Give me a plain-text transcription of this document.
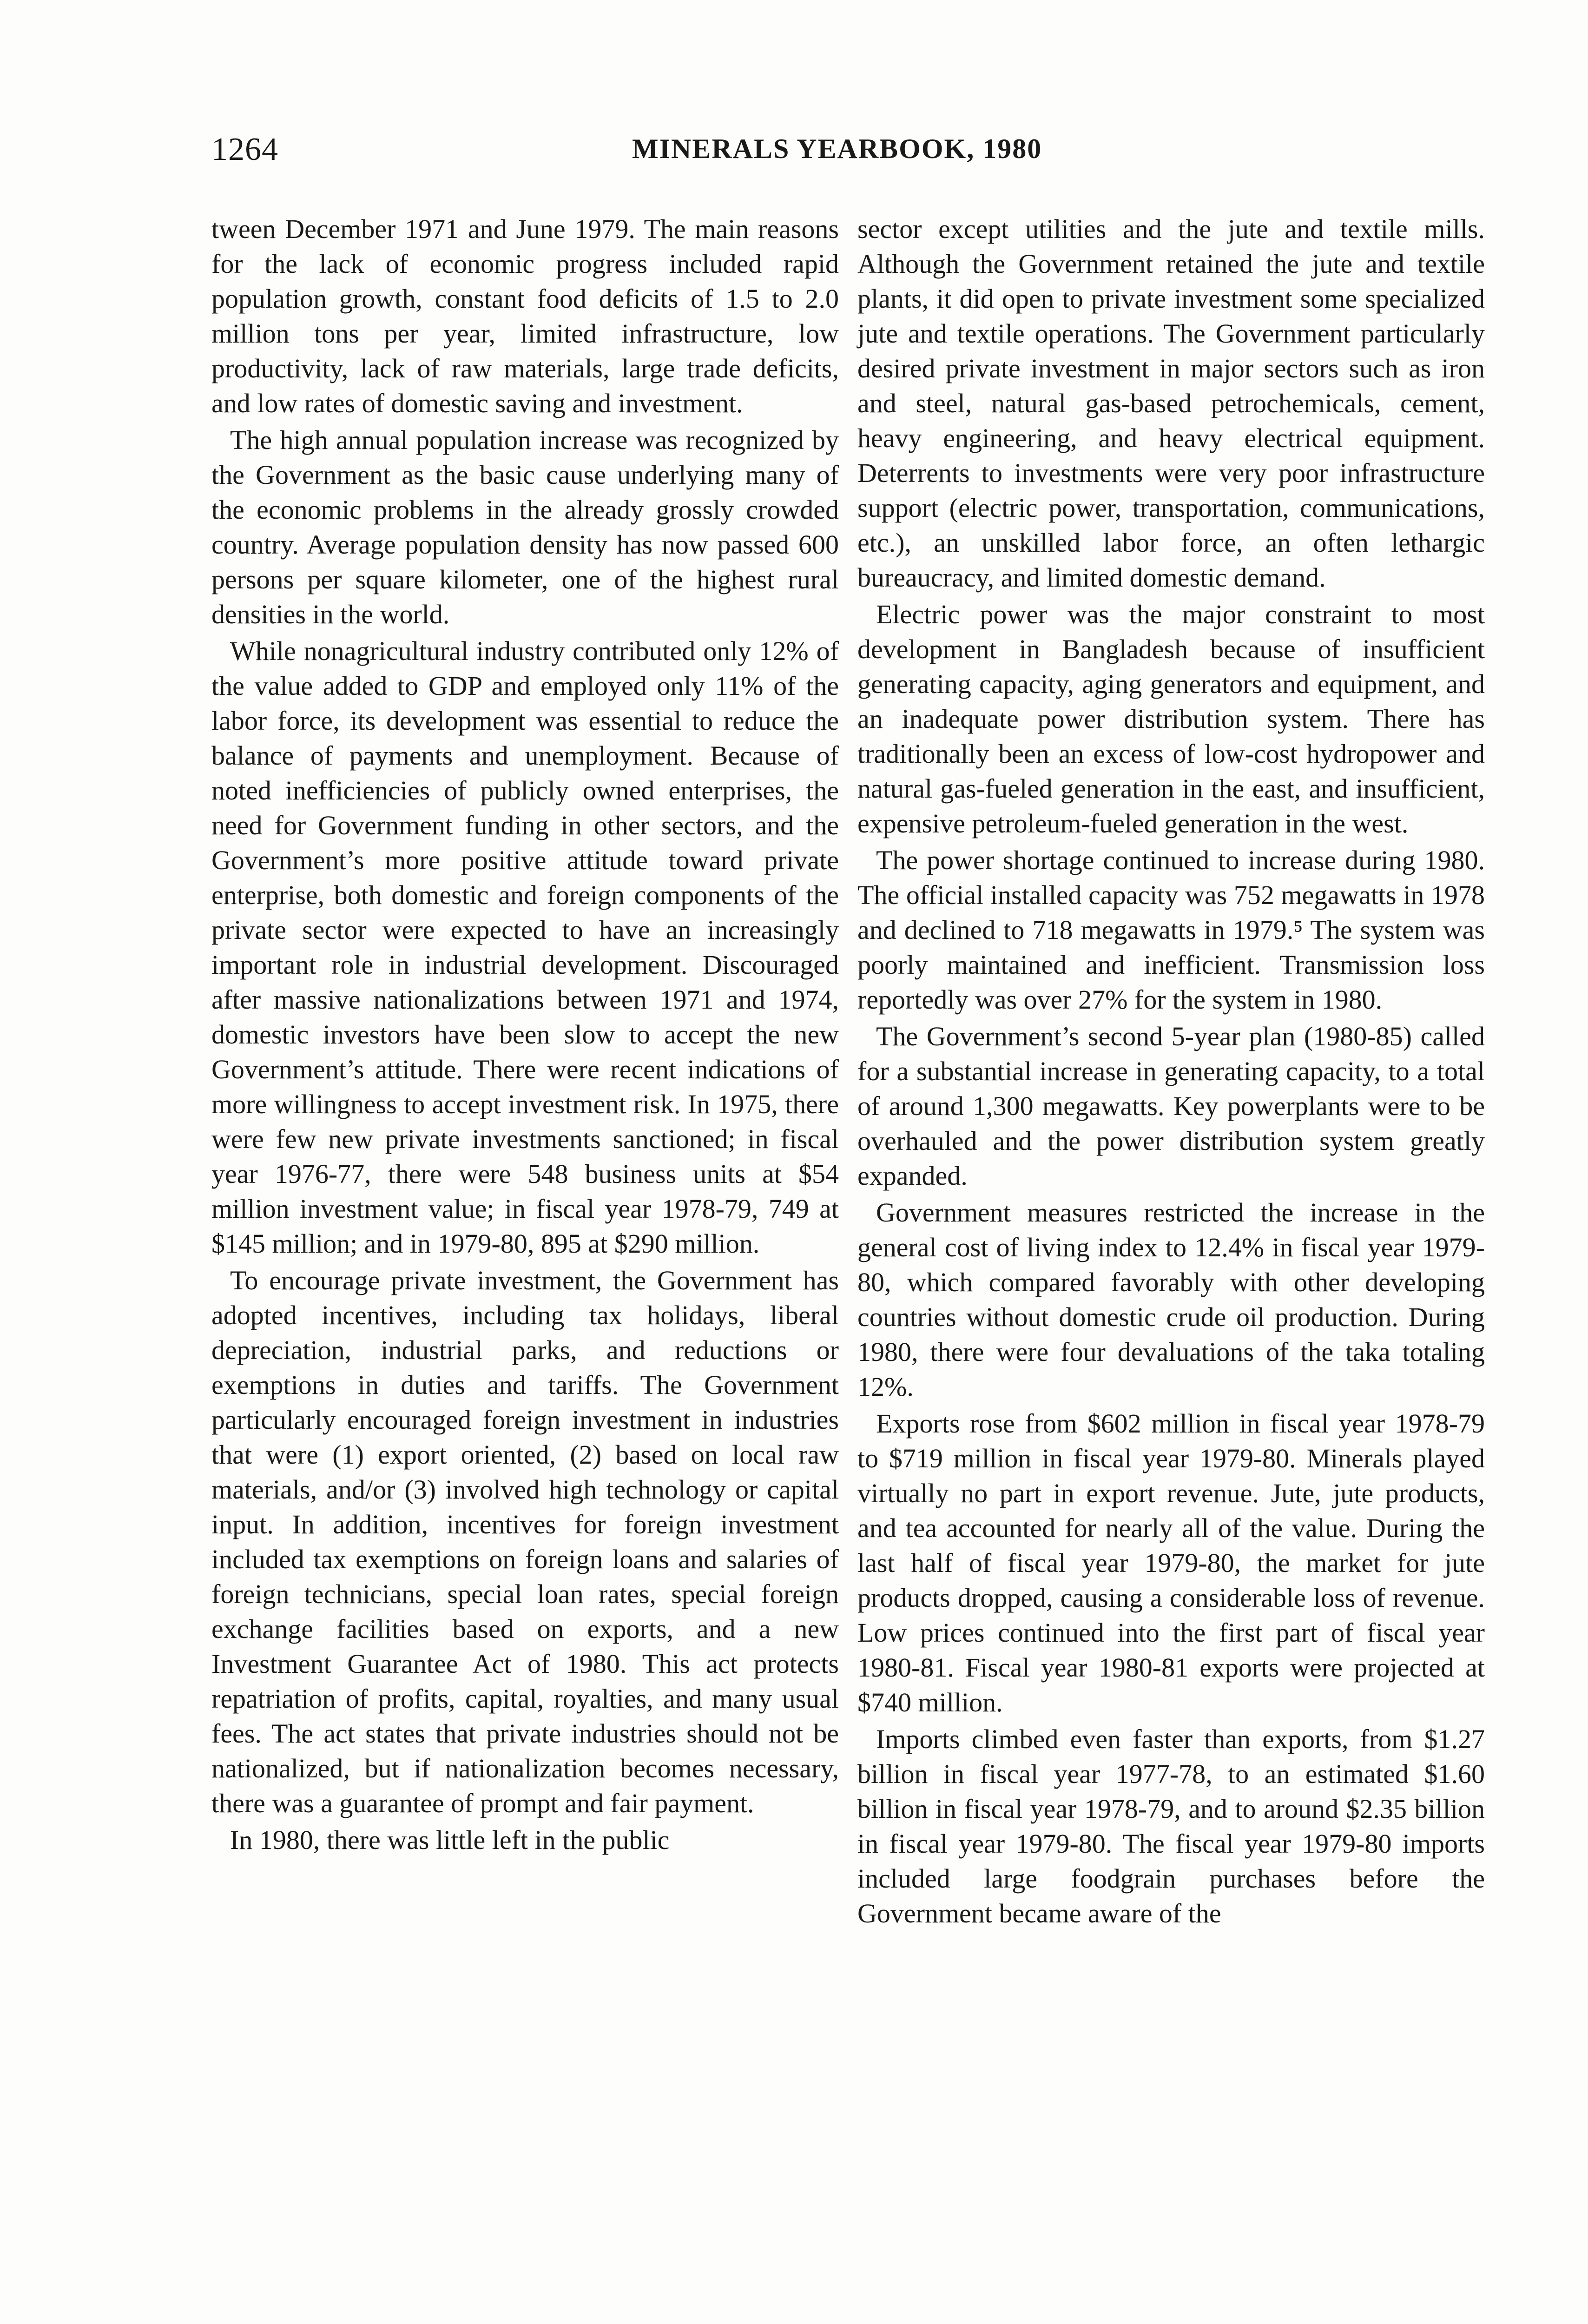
1264	MINERALS YEARBOOK, 1980

tween December 1971 and June 1979. The main reasons for the lack of economic progress included rapid population growth, constant food deficits of 1.5 to 2.0 million tons per year, limited infrastructure, low productivity, lack of raw materials, large trade deficits, and low rates of domestic saving and investment.

The high annual population increase was recognized by the Government as the basic cause underlying many of the economic problems in the already grossly crowded country. Average population density has now passed 600 persons per square kilometer, one of the highest rural densities in the world.

While nonagricultural industry contributed only 12% of the value added to GDP and employed only 11% of the labor force, its development was essential to reduce the balance of payments and unemployment. Because of noted inefficiencies of publicly owned enterprises, the need for Government funding in other sectors, and the Government’s more positive attitude toward private enterprise, both domestic and foreign components of the private sector were expected to have an increasingly important role in industrial development. Discouraged after massive nationalizations between 1971 and 1974, domestic investors have been slow to accept the new Government’s attitude. There were recent indications of more willingness to accept investment risk. In 1975, there were few new private investments sanctioned; in fiscal year 1976-77, there were 548 business units at $54 million investment value; in fiscal year 1978-79, 749 at $145 million; and in 1979-80, 895 at $290 million.

To encourage private investment, the Government has adopted incentives, including tax holidays, liberal depreciation, industrial parks, and reductions or exemptions in duties and tariffs. The Government particularly encouraged foreign investment in industries that were (1) export oriented, (2) based on local raw materials, and/or (3) involved high technology or capital input. In addition, incentives for foreign investment included tax exemptions on foreign loans and salaries of foreign technicians, special loan rates, special foreign exchange facilities based on exports, and a new Investment Guarantee Act of 1980. This act protects repatriation of profits, capital, royalties, and many usual fees. The act states that private industries should not be nationalized, but if nationalization becomes necessary, there was a guarantee of prompt and fair payment.

In 1980, there was little left in the public

sector except utilities and the jute and textile mills. Although the Government retained the jute and textile plants, it did open to private investment some specialized jute and textile operations. The Government particularly desired private investment in major sectors such as iron and steel, natural gas-based petrochemicals, cement, heavy engineering, and heavy electrical equipment. Deterrents to investments were very poor infrastructure support (electric power, transportation, communications, etc.), an unskilled labor force, an often lethargic bureaucracy, and limited domestic demand.

Electric power was the major constraint to most development in Bangladesh because of insufficient generating capacity, aging generators and equipment, and an inadequate power distribution system. There has traditionally been an excess of low-cost hydropower and natural gas-fueled generation in the east, and insufficient, expensive petroleum-fueled generation in the west.

The power shortage continued to increase during 1980. The official installed capacity was 752 megawatts in 1978 and declined to 718 megawatts in 1979.⁵ The system was poorly maintained and inefficient. Transmission loss reportedly was over 27% for the system in 1980.

The Government’s second 5-year plan (1980-85) called for a substantial increase in generating capacity, to a total of around 1,300 megawatts. Key powerplants were to be overhauled and the power distribution system greatly expanded.

Government measures restricted the increase in the general cost of living index to 12.4% in fiscal year 1979-80, which compared favorably with other developing countries without domestic crude oil production. During 1980, there were four devaluations of the taka totaling 12%.

Exports rose from $602 million in fiscal year 1978-79 to $719 million in fiscal year 1979-80. Minerals played virtually no part in export revenue. Jute, jute products, and tea accounted for nearly all of the value. During the last half of fiscal year 1979-80, the market for jute products dropped, causing a considerable loss of revenue. Low prices continued into the first part of fiscal year 1980-81. Fiscal year 1980-81 exports were projected at $740 million.

Imports climbed even faster than exports, from $1.27 billion in fiscal year 1977-78, to an estimated $1.60 billion in fiscal year 1978-79, and to around $2.35 billion in fiscal year 1979-80. The fiscal year 1979-80 imports included large foodgrain purchases before the Government became aware of the
